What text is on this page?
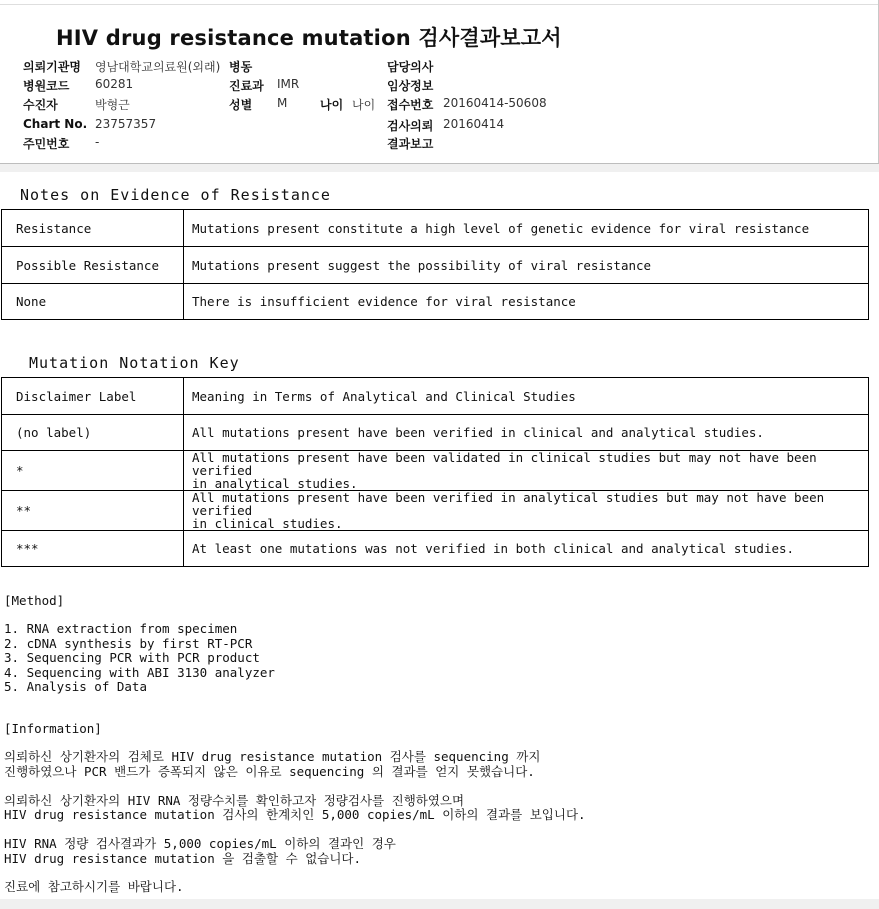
HIV drug resistance mutation 검사결과보고서
의뢰기관명 영남대학교의료원(외래) 병동	담당의사
병원코드 60281	진료과 IMR	임상정보
수진자	박형근	성별 M	나이 나이 접수번호 20160414-50608
Chart No. 23757357	검사의뢰 20160414
주민번호 -	결과보고
Notes on Evidence of Resistance
Resistance	Mutations present constitute a high level of genetic evidence for viral resistance
Possible Resistance	Mutations present suggest the possibility of viral resistance
None	There is insufficient evidence for viral resistance
Mutation Notation Key
Disclaimer Label	Meaning in Terms of Analytical and Clinical Studies
(no label)	All mutations present have been verified in clinical and analytical studies.
*	All mutations present have been validated in clinical studies but may not have been verified
in analytical studies.

**	All mutations present have been verified in analytical studies but may not have been verified
in clinical studies.

***	At least one mutations was not verified in both clinical and analytical studies.
[Method]
1. RNA extraction from specimen
2. cDNA synthesis by first RT-PCR
3. Sequencing PCR with PCR product
4. Sequencing with ABI 3130 analyzer
5. Analysis of Data
[Information]
의뢰하신 상기환자의 검체로 HIV drug resistance mutation 검사를 sequencing 까지
진행하였으나 PCR 밴드가 증폭되지 않은 이유로 sequencing 의 결과를 얻지 못했습니다.
의뢰하신 상기환자의 HIV RNA 정량수치를 확인하고자 정량검사를 진행하였으며
HIV drug resistance mutation 검사의 한계치인 5,000 copies/mL 이하의 결과를 보입니다.
HIV RNA 정량 검사결과가 5,000 copies/mL 이하의 결과인 경우
HIV drug resistance mutation 을 검출할 수 없습니다.
진료에 참고하시기를 바랍니다.
